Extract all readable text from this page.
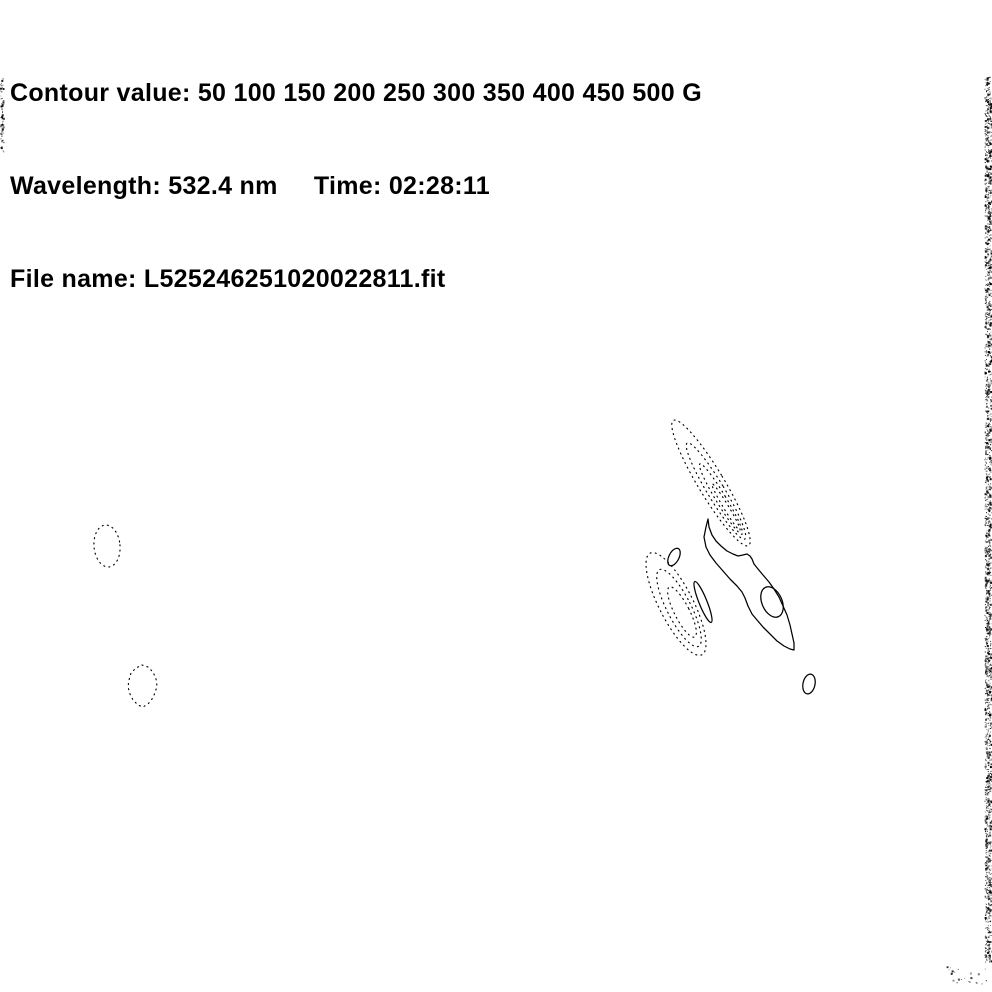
Contour value: 50 100 150 200 250 300 350 400 450 500 G

Wavelength: 532.4 nm     Time: 02:28:11

File name: L525246251020022811.fit
